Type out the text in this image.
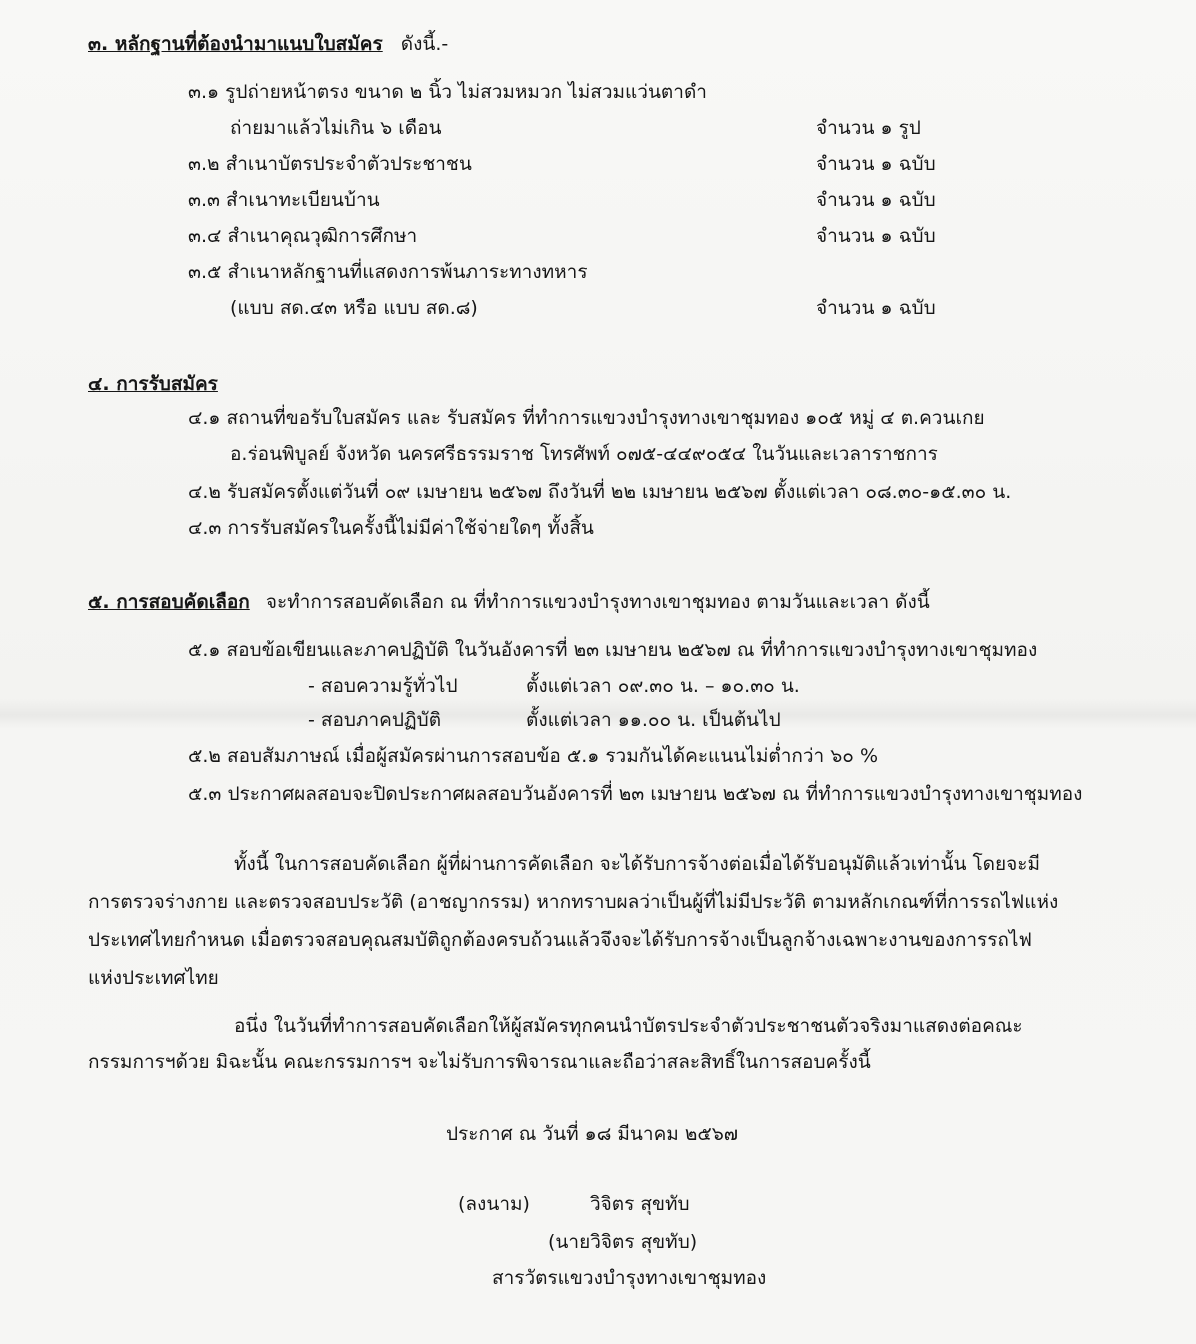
๓. หลักฐานที่ต้องนำมาแนบใบสมัคร ดังนี้.-
๓.๑ รูปถ่ายหน้าตรง ขนาด ๒ นิ้ว ไม่สวมหมวก ไม่สวมแว่นตาดำ
ถ่ายมาแล้วไม่เกิน ๖ เดือน	จำนวน ๑ รูป
๓.๒ สำเนาบัตรประจำตัวประชาชน	จำนวน ๑ ฉบับ
๓.๓ สำเนาทะเบียนบ้าน	จำนวน ๑ ฉบับ
๓.๔ สำเนาคุณวุฒิการศึกษา	จำนวน ๑ ฉบับ
๓.๕ สำเนาหลักฐานที่แสดงการพ้นภาระทางทหาร
(แบบ สด.๔๓ หรือ แบบ สด.๘)	จำนวน ๑ ฉบับ
๔. การรับสมัคร
๔.๑ สถานที่ขอรับใบสมัคร และ รับสมัคร ที่ทำการแขวงบำรุงทางเขาชุมทอง ๑๐๕ หมู่ ๔ ต.ควนเกย
อ.ร่อนพิบูลย์ จังหวัด นครศรีธรรมราช โทรศัพท์ ๐๗๕-๔๔๙๐๕๔ ในวันและเวลาราชการ
๔.๒ รับสมัครตั้งแต่วันที่ ๐๙ เมษายน ๒๕๖๗ ถึงวันที่ ๒๒ เมษายน ๒๕๖๗ ตั้งแต่เวลา ๐๘.๓๐-๑๕.๓๐ น.
๔.๓ การรับสมัครในครั้งนี้ไม่มีค่าใช้จ่ายใดๆ ทั้งสิ้น
๕. การสอบคัดเลือก จะทำการสอบคัดเลือก ณ ที่ทำการแขวงบำรุงทางเขาชุมทอง ตามวันและเวลา ดังนี้
๕.๑ สอบข้อเขียนและภาคปฏิบัติ ในวันอังคารที่ ๒๓ เมษายน ๒๕๖๗ ณ ที่ทำการแขวงบำรุงทางเขาชุมทอง
- สอบความรู้ทั่วไป	ตั้งแต่เวลา ๐๙.๓๐ น. – ๑๐.๓๐ น.
- สอบภาคปฏิบัติ	ตั้งแต่เวลา ๑๑.๐๐ น. เป็นต้นไป
๕.๒ สอบสัมภาษณ์ เมื่อผู้สมัครผ่านการสอบข้อ ๕.๑ รวมกันได้คะแนนไม่ต่ำกว่า ๖๐ %
๕.๓ ประกาศผลสอบจะปิดประกาศผลสอบวันอังคารที่ ๒๓ เมษายน ๒๕๖๗ ณ ที่ทำการแขวงบำรุงทางเขาชุมทอง
ทั้งนี้ ในการสอบคัดเลือก ผู้ที่ผ่านการคัดเลือก จะได้รับการจ้างต่อเมื่อได้รับอนุมัติแล้วเท่านั้น โดยจะมี
การตรวจร่างกาย และตรวจสอบประวัติ (อาชญากรรม) หากทราบผลว่าเป็นผู้ที่ไม่มีประวัติ ตามหลักเกณฑ์ที่การรถไฟแห่ง
ประเทศไทยกำหนด เมื่อตรวจสอบคุณสมบัติถูกต้องครบถ้วนแล้วจึงจะได้รับการจ้างเป็นลูกจ้างเฉพาะงานของการรถไฟ
แห่งประเทศไทย
อนึ่ง ในวันที่ทำการสอบคัดเลือกให้ผู้สมัครทุกคนนำบัตรประจำตัวประชาชนตัวจริงมาแสดงต่อคณะ
กรรมการฯด้วย มิฉะนั้น คณะกรรมการฯ จะไม่รับการพิจารณาและถือว่าสละสิทธิ์ในการสอบครั้งนี้
ประกาศ ณ วันที่ ๑๘ มีนาคม ๒๕๖๗
(ลงนาม)	วิจิตร สุขทับ
(นายวิจิตร สุขทับ)
สารวัตรแขวงบำรุงทางเขาชุมทอง
